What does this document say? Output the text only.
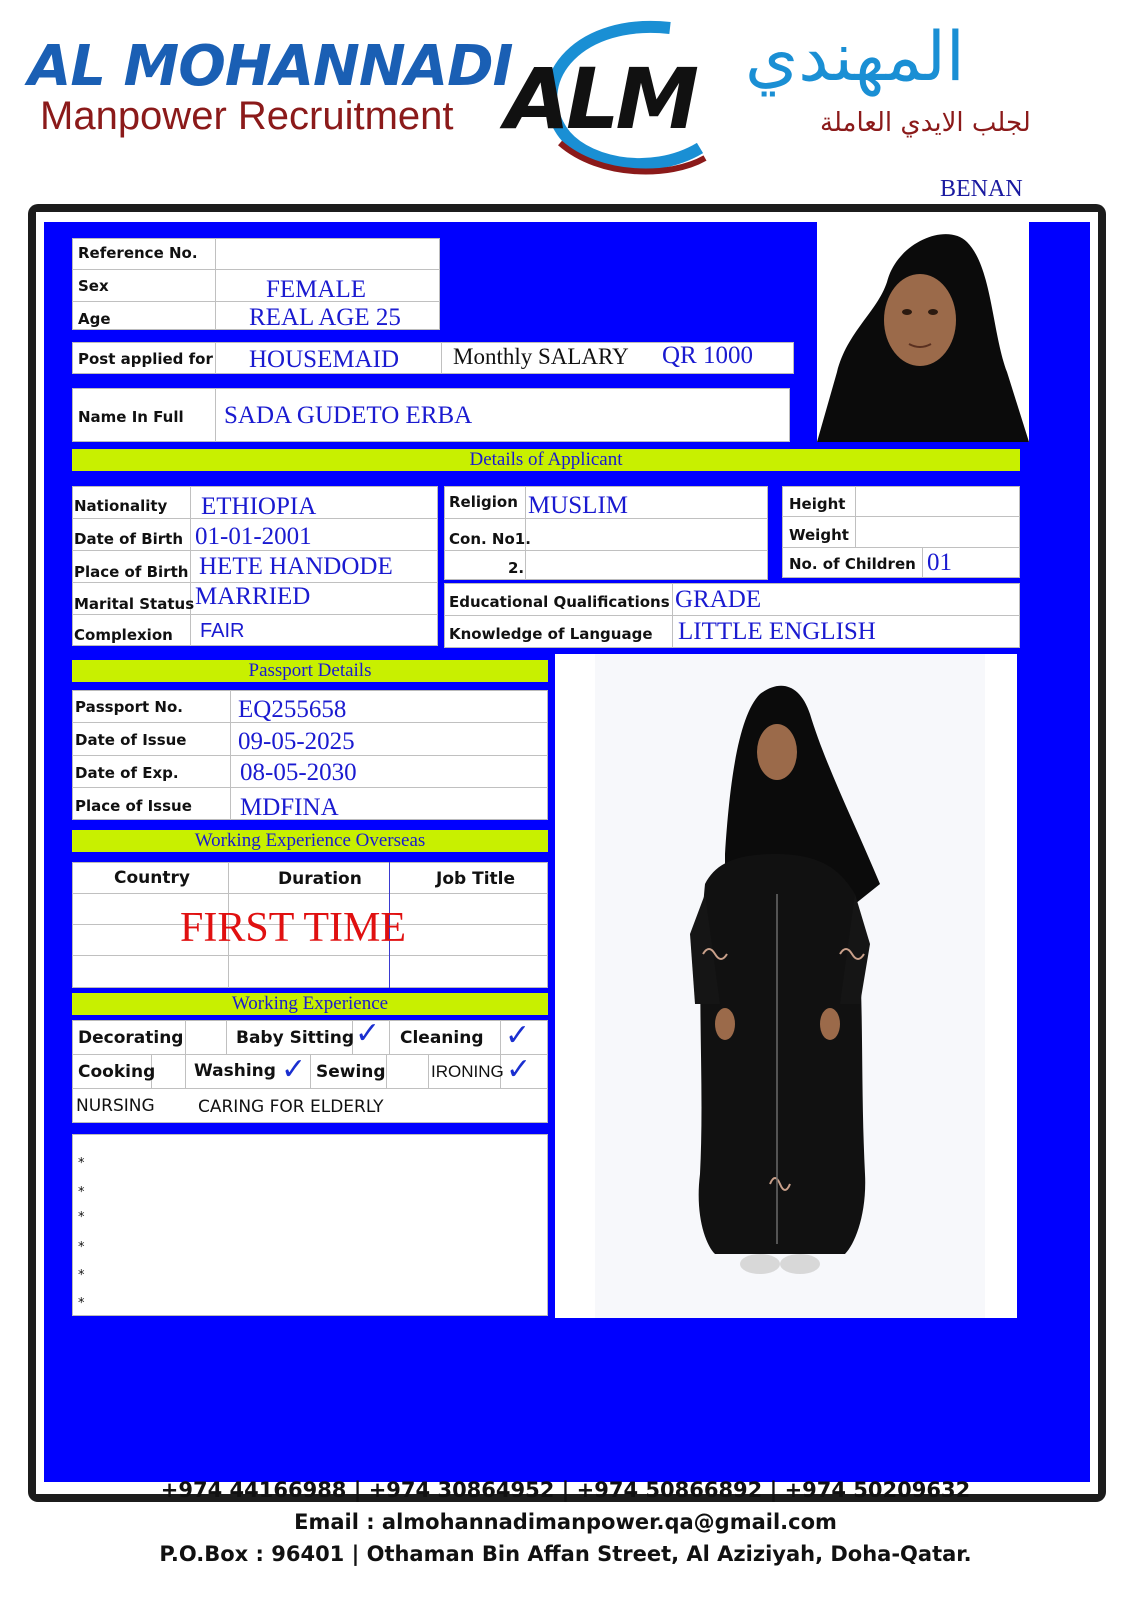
AL MOHANNADI
Manpower Recruitment ALM المهندي
لجلب الايدي العاملة
BENAN
Reference No.
Sex	FEMALE
Age	REAL AGE 25
Post applied for HOUSEMAID Monthly SALARY QR 1000
Name In Full SADA GUDETO ERBA
Details of Applicant
Nationality ETHIOPIA
Date of Birth 01-01-2001
Place of Birth HETE HANDODE
Marital Status MARRIED
Complexion FAIR
Religion MUSLIM
Con. No1.
2.
Height
Weight
No. of Children 01
Educational Qualifications GRADE
Knowledge of Language LITTLE ENGLISH
Passport Details
Passport No. EQ255658
Date of Issue 09-05-2025
Date of Exp. 08-05-2030
Place of Issue MDFINA
Working Experience Overseas
Country	Duration	Job Title
FIRST TIME
Working Experience
Decorating	Baby Sitting ✓ Cleaning ✓
Cooking Washing ✓ Sewing	IRONING ✓
NURSING	CARING FOR ELDERLY
*
*
*
*
*
*
+974 44166988 | +974 30864952 | +974 50866892 | +974 50209632
Email : almohannadimanpower.qa@gmail.com
P.O.Box : 96401 | Othaman Bin Affan Street, Al Aziziyah, Doha-Qatar.
